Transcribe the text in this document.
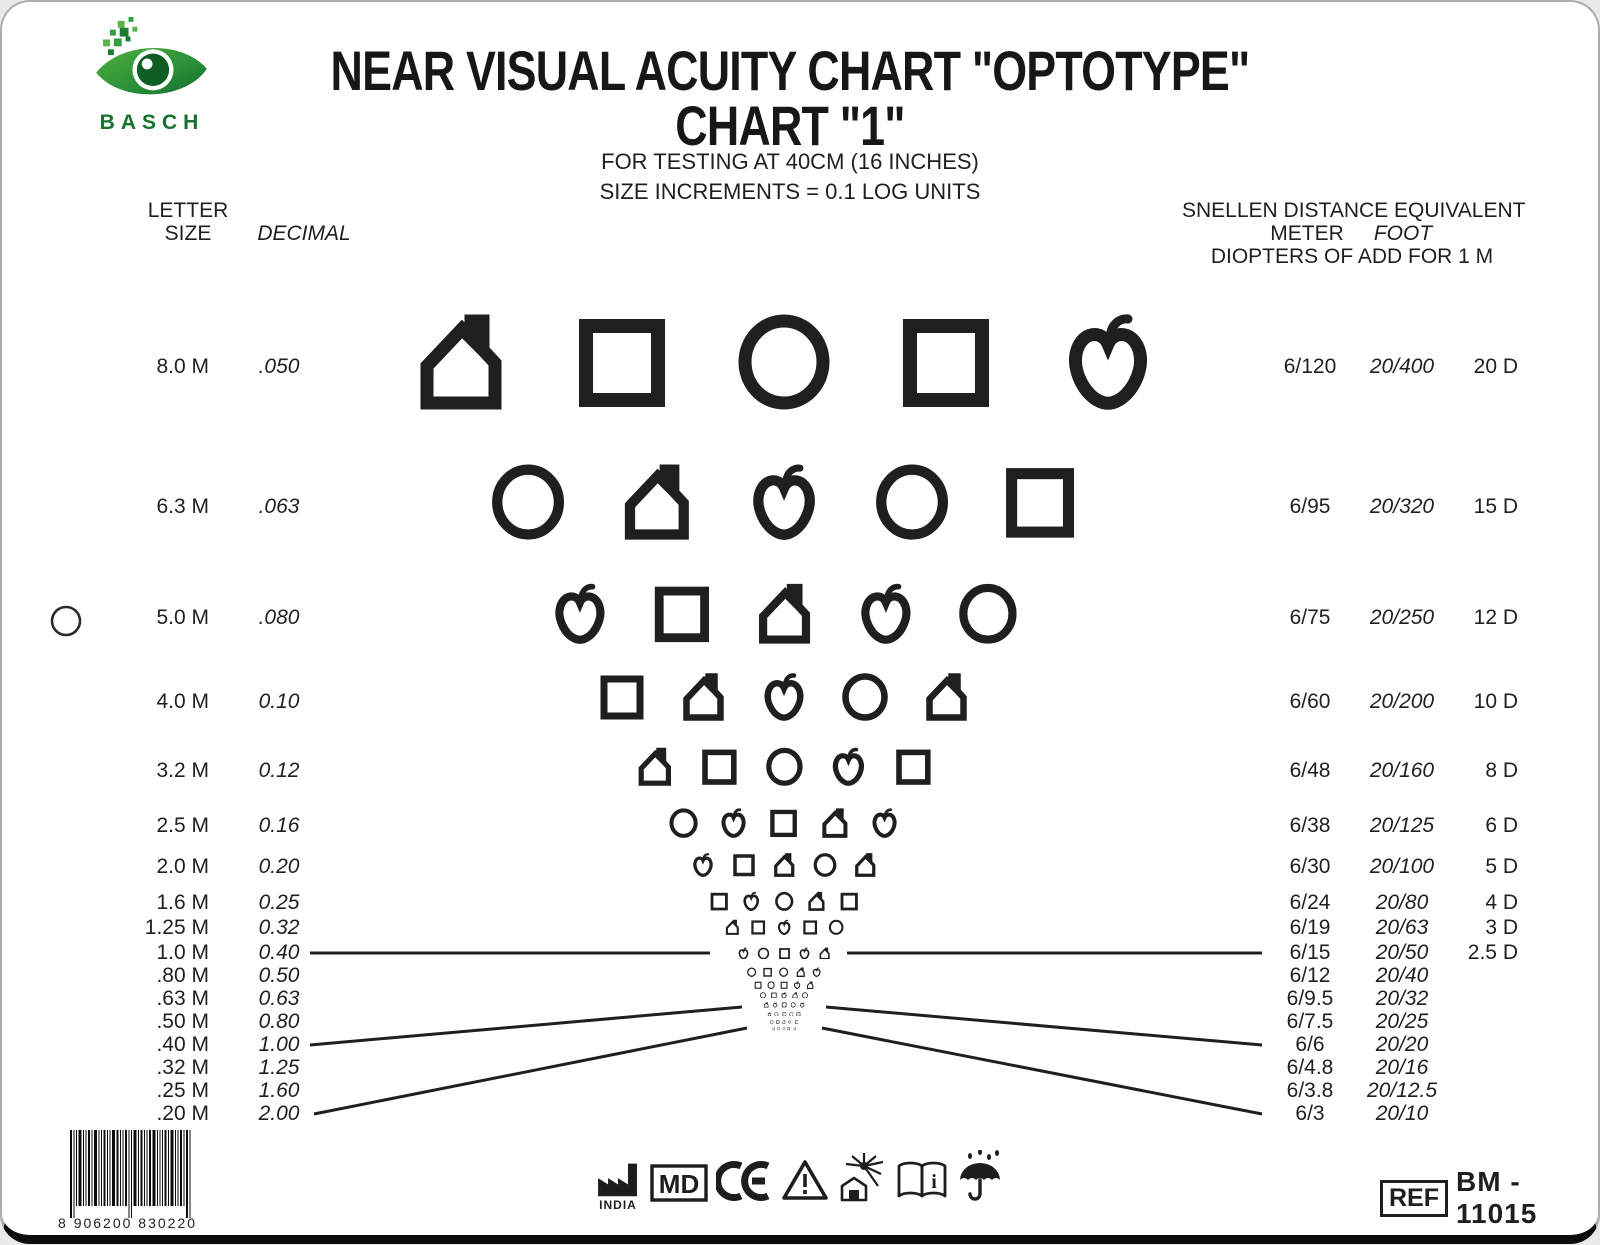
BASCH
NEAR VISUAL ACUITY CHART "OPTOTYPE"
CHART "1"
FOR TESTING AT 40CM (16 INCHES)
SIZE INCREMENTS = 0.1 LOG UNITS
LETTER
SIZE	DECIMAL
SNELLEN DISTANCE EQUIVALENT
METER	FOOT
DIOPTERS OF ADD FOR 1 M
8.0 M	.050	6/120	20/400	20 D
6.3 M	.063	6/95	20/320	15 D
5.0 M	.080	6/75	20/250	12 D
4.0 M	0.10	6/60	20/200	10 D
3.2 M	0.12	6/48	20/160	8 D
2.5 M	0.16	6/38	20/125	6 D
2.0 M	0.20	6/30	20/100	5 D
1.6 M	0.25	6/24	20/80	4 D
1.25 M	0.32	6/19	20/63	3 D
1.0 M	0.40	6/15	20/50	2.5 D
.80 M	0.50	6/12	20/40
.63 M	0.63	6/9.5	20/32
.50 M	0.80	6/7.5	20/25
.40 M	1.00	6/6	20/20
.32 M	1.25	6/4.8	20/16
.25 M	1.60	6/3.8	20/12.5
.20 M	2.00	6/3	20/10
8 906200 830220
INDIA
MD	i
REF
BM - 11015
